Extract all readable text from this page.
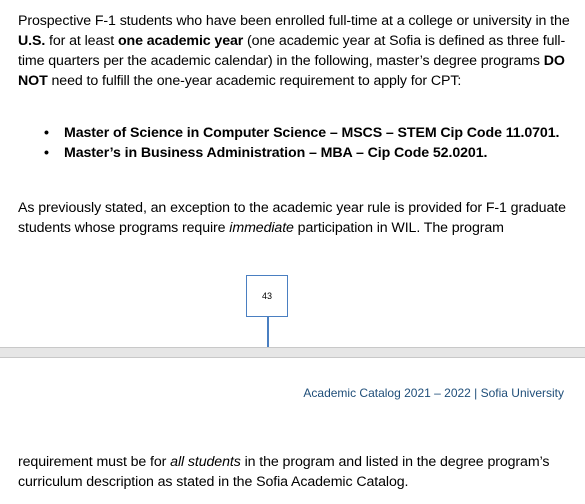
Prospective F-1 students who have been enrolled full-time at a college or university in the U.S. for at least one academic year (one academic year at Sofia is defined as three full-time quarters per the academic calendar) in the following, master’s degree programs DO NOT need to fulfill the one-year academic requirement to apply for CPT:

• Master of Science in Computer Science – MSCS – STEM Cip Code 11.0701.
• Master’s in Business Administration – MBA – Cip Code 52.0201.

As previously stated, an exception to the academic year rule is provided for F-1 graduate students whose programs require immediate participation in WIL. The program

43
Academic Catalog 2021 – 2022 | Sofia University

requirement must be for all students in the program and listed in the degree program’s curriculum description as stated in the Sofia Academic Catalog.
